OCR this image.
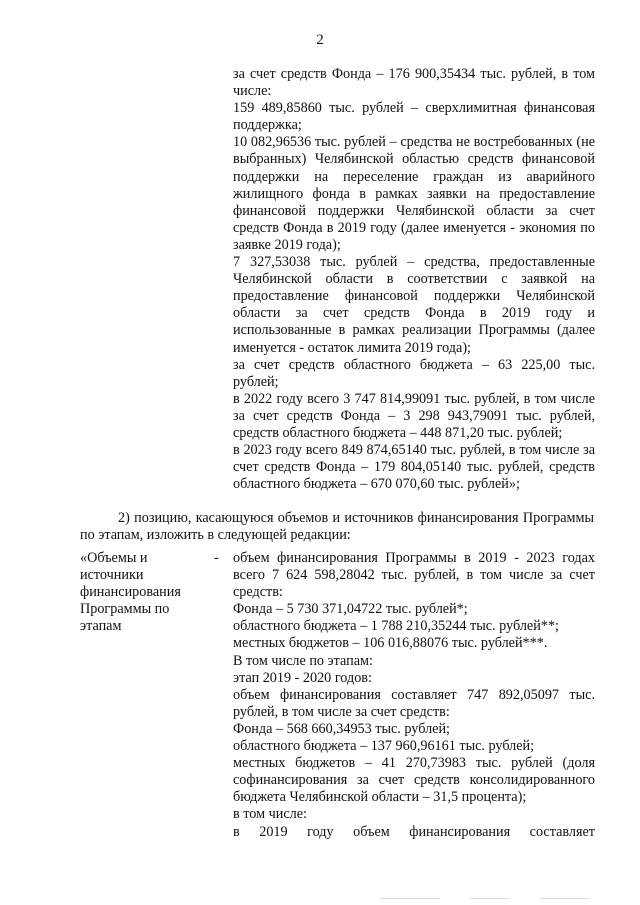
2

за счет средств Фонда – 176 900,35434 тыс. рублей, в том числе:

159 489,85860 тыс. рублей – сверхлимитная финансовая поддержка;

10 082,96536 тыс. рублей – средства не востребованных (не выбранных) Челябинской областью средств финансовой поддержки на переселение граждан из аварийного жилищного фонда в рамках заявки на предоставление финансовой поддержки Челябинской области за счет средств Фонда в 2019 году (далее именуется - экономия по заявке 2019 года);

7 327,53038 тыс. рублей – средства, предоставленные Челябинской области в соответствии с заявкой на предоставление финансовой поддержки Челябинской области за счет средств Фонда в 2019 году и использованные в рамках реализации Программы (далее именуется - остаток лимита 2019 года);

за счет средств областного бюджета – 63 225,00 тыс. рублей;

в 2022 году всего 3 747 814,99091 тыс. рублей, в том числе за счет средств Фонда – 3 298 943,79091 тыс. рублей, средств областного бюджета – 448 871,20 тыс. рублей;

в 2023 году всего 849 874,65140 тыс. рублей, в том числе за счет средств Фонда – 179 804,05140 тыс. рублей, средств областного бюджета – 670 070,60 тыс. рублей»;

2) позицию, касающуюся объемов и источников финансирования Программы по этапам, изложить в следующей редакции:

«Объемы и
источники
финансирования
Программы по
этапам
- объем финансирования Программы в 2019 - 2023 годах всего 7 624 598,28042 тыс. рублей, в том числе за счет средств:

Фонда – 5 730 371,04722 тыс. рублей*;

областного бюджета – 1 788 210,35244 тыс. рублей**;

местных бюджетов – 106 016,88076 тыс. рублей***.

В том числе по этапам:

этап 2019 - 2020 годов:

объем финансирования составляет 747 892,05097 тыс. рублей, в том числе за счет средств:

Фонда – 568 660,34953 тыс. рублей;

областного бюджета – 137 960,96161 тыс. рублей;

местных бюджетов – 41 270,73983 тыс. рублей (доля софинансирования за счет средств консолидированного бюджета Челябинской области – 31,5 процента);

в том числе:

в 2019 году объем финансирования составляет
